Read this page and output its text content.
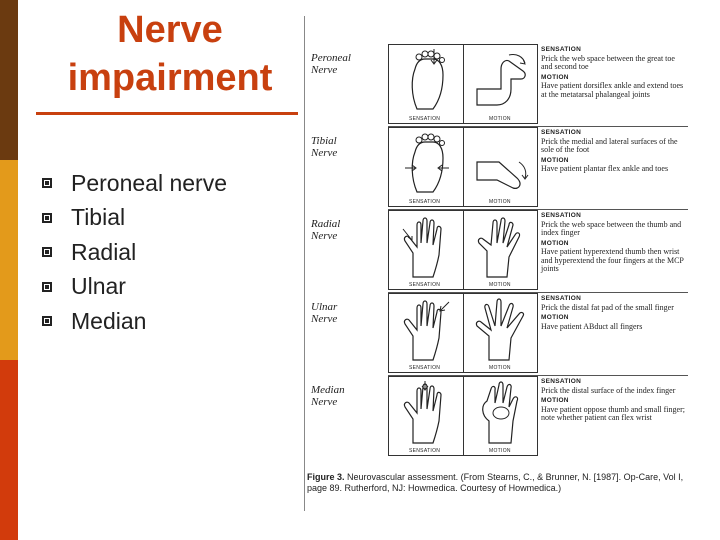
Nerve
impairment
Peroneal nerve
Tibial
Radial
Ulnar
Median
Peroneal
Nerve
SENSATION	MOTION
SENSATION
Prick the web space between the great toe and second toe
MOTION
Have patient dorsiflex ankle and extend toes at the metatarsal phalangeal joints
Tibial
Nerve
SENSATION	MOTION
SENSATION
Prick the medial and lateral surfaces of the sole of the foot
MOTION
Have patient plantar flex ankle and toes
Radial
Nerve
SENSATION	MOTION
SENSATION
Prick the web space between the thumb and index finger
MOTION
Have patient hyperextend thumb then wrist and hyperextend the four fingers at the MCP joints
Ulnar
Nerve
SENSATION	MOTION
SENSATION
Prick the distal fat pad of the small finger
MOTION
Have patient ABduct all fingers
Median
Nerve
SENSATION	MOTION
SENSATION
Prick the distal surface of the index finger
MOTION
Have patient oppose thumb and small finger; note whether patient can flex wrist
Figure 3. Neurovascular assessment. (From Stearns, C., & Brunner, N. [1987]. Op-Care, Vol I, page 89. Rutherford, NJ: Howmedica. Courtesy of Howmedica.)
